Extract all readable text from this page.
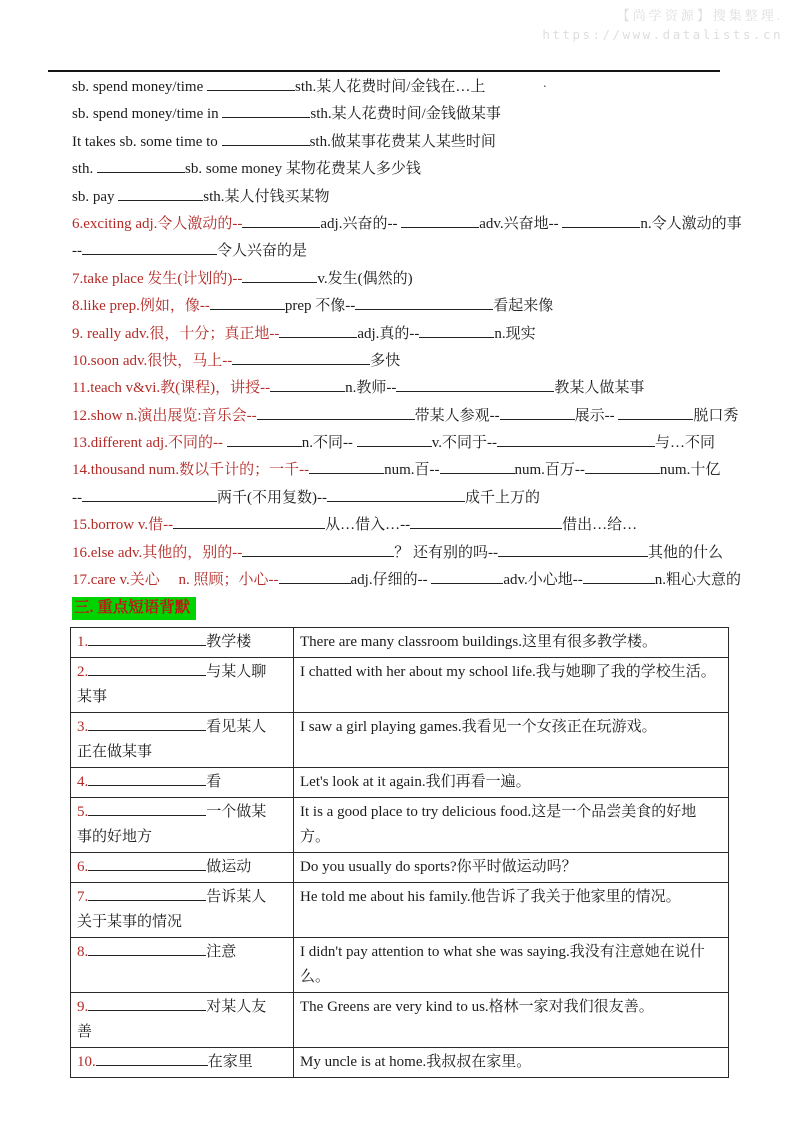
【尚学资源】搜集整理.
https://www.datalists.cn
.

sb. spend money/time	sth.某人花费时间/金钱在…上

sb. spend money/time in	sth.某人花费时间/金钱做某事

It takes sb. some time to	sth.做某事花费某人某些时间

sth.	sb. some money 某物花费某人多少钱

sb. pay	sth.某人付钱买某物

6.exciting adj.令人激动的--	adj.兴奋的--	adv.兴奋地--	n.令人激动的事

--	令人兴奋的是

7.take place 发生(计划的)--	v.发生(偶然的)

8.like prep.例如，像--	prep 不像--	看起来像

9. really adv.很，十分；真正地--	adj.真的--	n.现实

10.soon adv.很快，马上--	多快

11.teach v&vi.教(课程)，讲授--	n.教师--	教某人做某事

12.show n.演出展览:音乐会--	带某人参观--	展示--	脱口秀

13.different adj.不同的--	n.不同--	v.不同于--	与…不同

14.thousand num.数以千计的；一千--	num.百--	num.百万--	num.十亿

--	两千(不用复数)--	成千上万的

15.borrow v.借--	从…借入…--	借出…给…

16.else adv.其他的，别的--	？ 还有别的吗--	其他的什么

17.care v.关心　 n. 照顾；小心--	adj.仔细的--	adv.小心地--	n.粗心大意的

三. 重点短语背默
1. 教学楼	There are many classroom buildings.这里有很多教学楼。
2. 与某人聊
某事	I chatted with her about my school life.我与她聊了我的学校生活。
3. 看见某人
正在做某事	I saw a girl playing games.我看见一个女孩正在玩游戏。
4. 看	Let's look at it again.我们再看一遍。
5. 一个做某
事的好地方	It is a good place to try delicious food.这是一个品尝美食的好地方。
6. 做运动	Do you usually do sports?你平时做运动吗？
7. 告诉某人
关于某事的情况	He told me about his family.他告诉了我关于他家里的情况。
8. 注意	I didn't pay attention to what she was saying.我没有注意她在说什么。
9. 对某人友
善	The Greens are very kind to us.格林一家对我们很友善。
10. 在家里	My uncle is at home.我叔叔在家里。
